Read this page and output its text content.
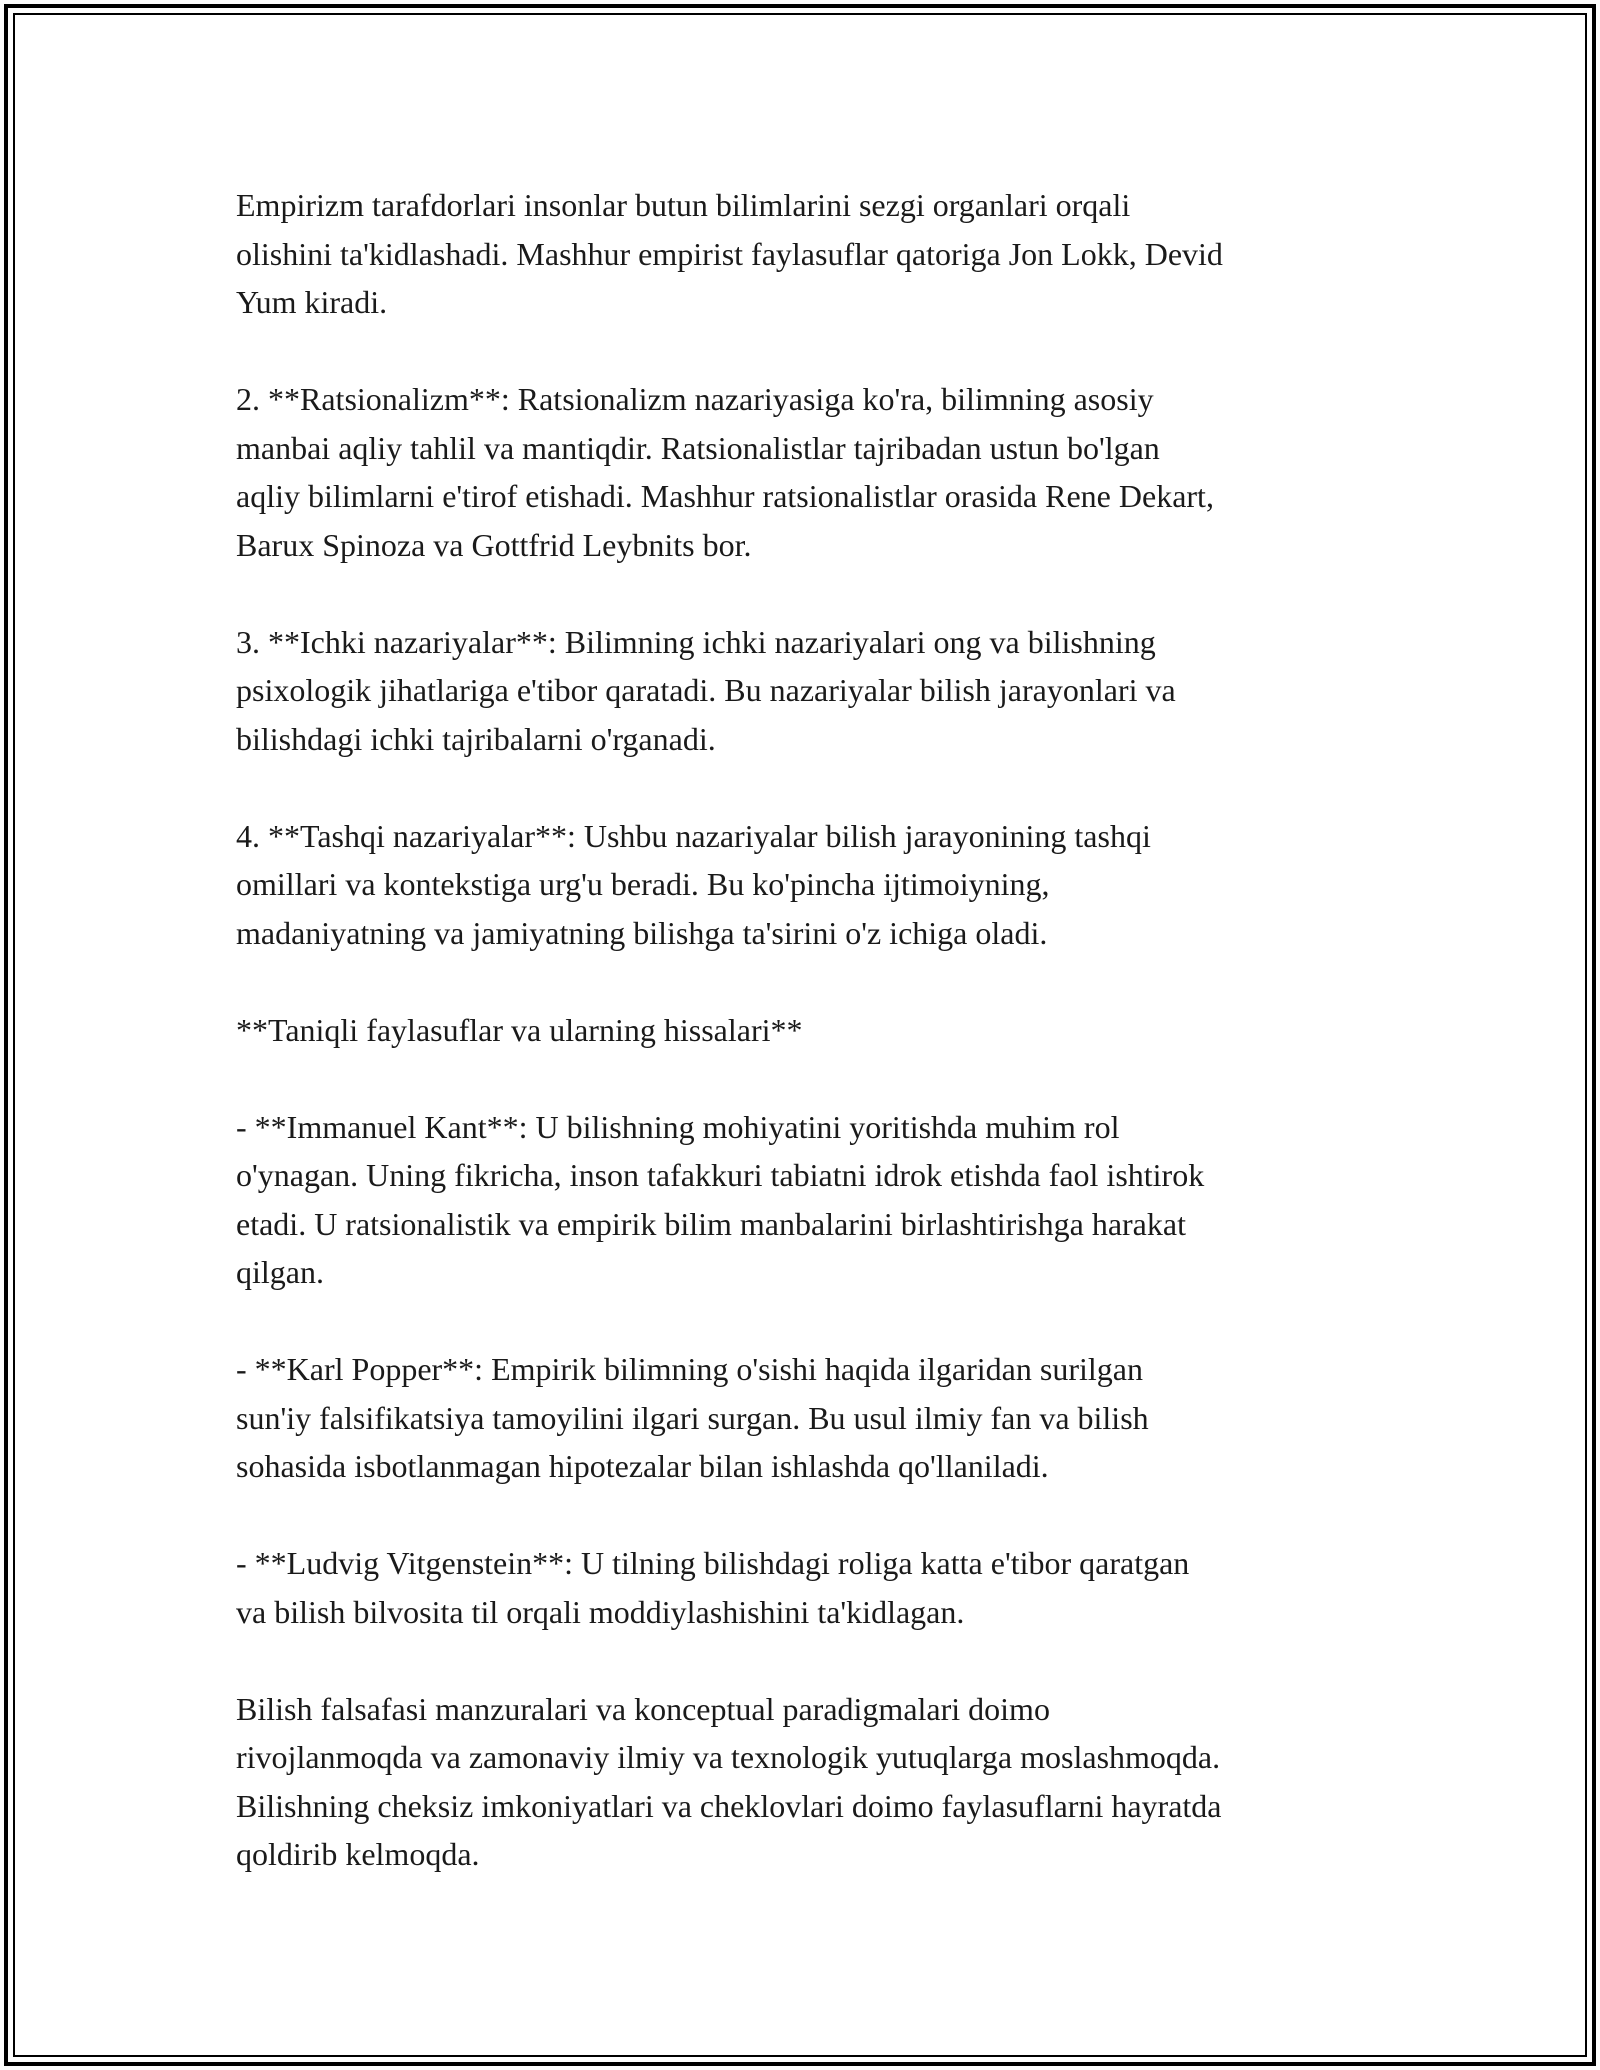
Empirizm tarafdorlari insonlar butun bilimlarini sezgi organlari orqali
olishini ta'kidlashadi. Mashhur empirist faylasuflar qatoriga Jon Lokk, Devid
Yum kiradi.

2. **Ratsionalizm**: Ratsionalizm nazariyasiga ko'ra, bilimning asosiy
manbai aqliy tahlil va mantiqdir. Ratsionalistlar tajribadan ustun bo'lgan
aqliy bilimlarni e'tirof etishadi. Mashhur ratsionalistlar orasida Rene Dekart,
Barux Spinoza va Gottfrid Leybnits bor.

3. **Ichki nazariyalar**: Bilimning ichki nazariyalari ong va bilishning
psixologik jihatlariga e'tibor qaratadi. Bu nazariyalar bilish jarayonlari va
bilishdagi ichki tajribalarni o'rganadi.

4. **Tashqi nazariyalar**: Ushbu nazariyalar bilish jarayonining tashqi
omillari va kontekstiga urg'u beradi. Bu ko'pincha ijtimoiyning,
madaniyatning va jamiyatning bilishga ta'sirini o'z ichiga oladi.

**Taniqli faylasuflar va ularning hissalari**

- **Immanuel Kant**: U bilishning mohiyatini yoritishda muhim rol
o'ynagan. Uning fikricha, inson tafakkuri tabiatni idrok etishda faol ishtirok
etadi. U ratsionalistik va empirik bilim manbalarini birlashtirishga harakat
qilgan.

- **Karl Popper**: Empirik bilimning o'sishi haqida ilgaridan surilgan
sun'iy falsifikatsiya tamoyilini ilgari surgan. Bu usul ilmiy fan va bilish
sohasida isbotlanmagan hipotezalar bilan ishlashda qo'llaniladi.

- **Ludvig Vitgenstein**: U tilning bilishdagi roliga katta e'tibor qaratgan
va bilish bilvosita til orqali moddiylashishini ta'kidlagan.

Bilish falsafasi manzuralari va konceptual paradigmalari doimo
rivojlanmoqda va zamonaviy ilmiy va texnologik yutuqlarga moslashmoqda.
Bilishning cheksiz imkoniyatlari va cheklovlari doimo faylasuflarni hayratda
qoldirib kelmoqda.
